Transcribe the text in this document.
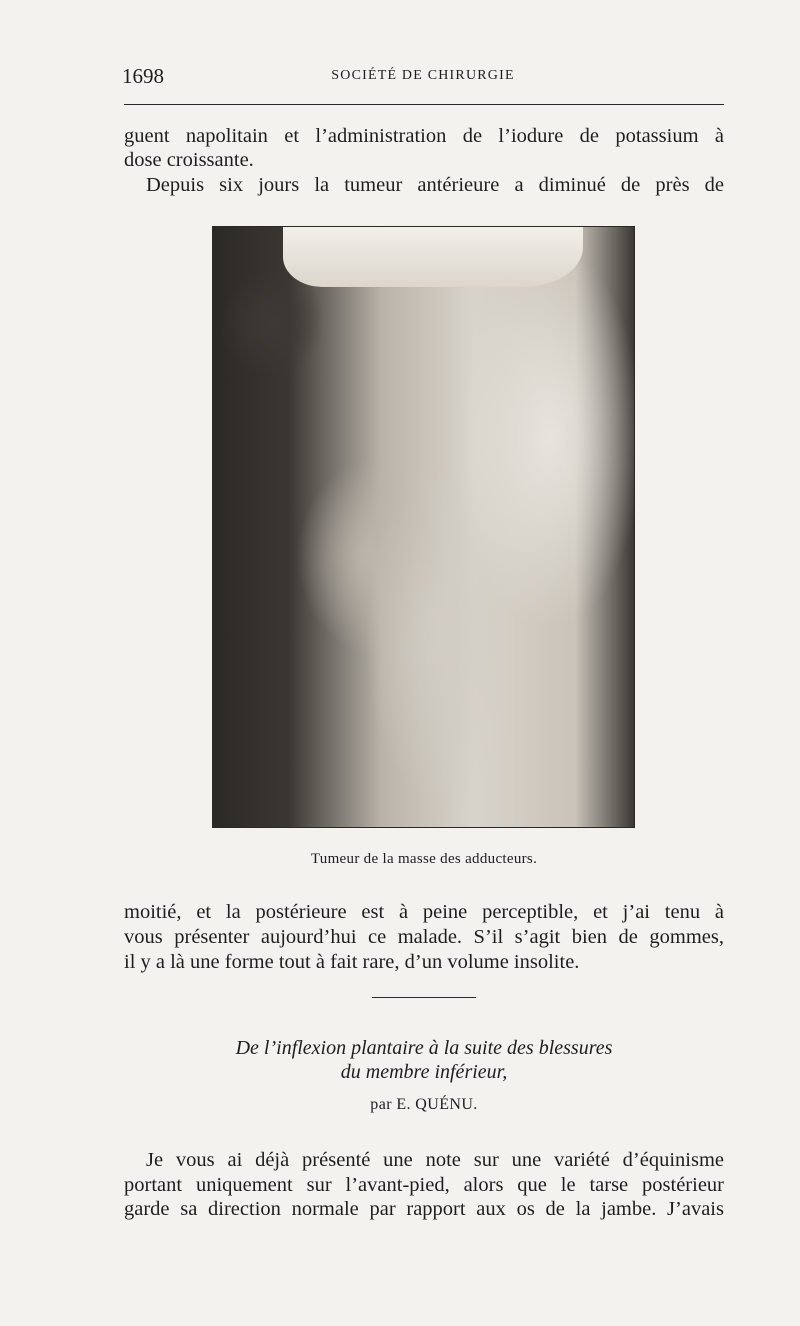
1698	SOCIÉTÉ DE CHIRURGIE
guent napolitain et l’administration de l’iodure de potassium à
dose croissante.
Depuis six jours la tumeur antérieure a diminué de près de
Tumeur de la masse des adducteurs.
moitié, et la postérieure est à peine perceptible, et j’ai tenu à
vous présenter aujourd’hui ce malade. S’il s’agit bien de gommes,
il y a là une forme tout à fait rare, d’un volume insolite.
De l’inflexion plantaire à la suite des blessures
du membre inférieur,
par E. QUÉNU.
Je vous ai déjà présenté une note sur une variété d’équinisme
portant uniquement sur l’avant-pied, alors que le tarse postérieur
garde sa direction normale par rapport aux os de la jambe. J’avais
